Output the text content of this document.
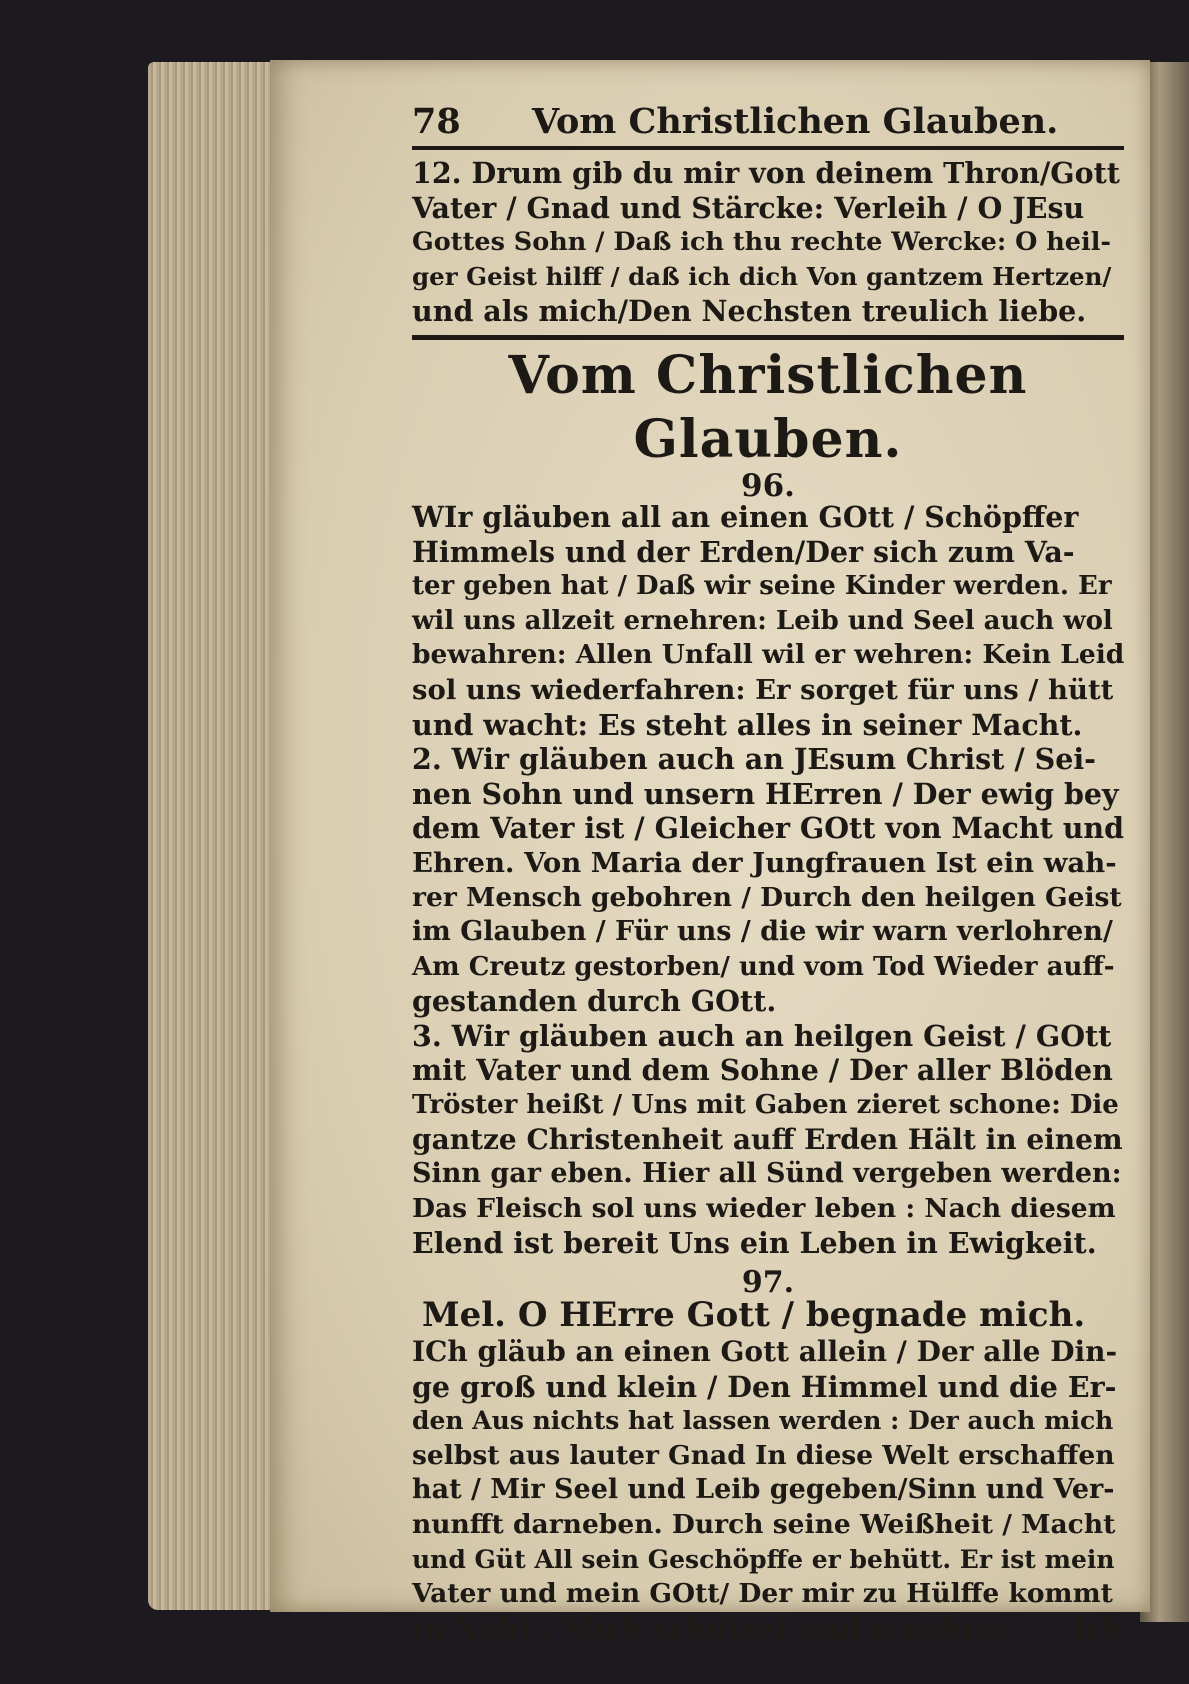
78	Vom Christlichen Glauben.
12. Drum gib du mir von deinem Thron/Gott
Vater / Gnad und Stärcke: Verleih / O JEsu
Gottes Sohn / Daß ich thu rechte Wercke: O heil-
ger Geist hilff / daß ich dich Von gantzem Hertzen/
und als mich/Den Nechsten treulich liebe.
Vom Christlichen Glauben.
96.
WIr gläuben all an einen GOtt / Schöpffer
Himmels und der Erden/Der sich zum Va-
ter geben hat / Daß wir seine Kinder werden. Er
wil uns allzeit ernehren: Leib und Seel auch wol
bewahren: Allen Unfall wil er wehren: Kein Leid
sol uns wiederfahren: Er sorget für uns / hütt
und wacht: Es steht alles in seiner Macht.
2. Wir gläuben auch an JEsum Christ / Sei-
nen Sohn und unsern HErren / Der ewig bey
dem Vater ist / Gleicher GOtt von Macht und
Ehren. Von Maria der Jungfrauen Ist ein wah-
rer Mensch gebohren / Durch den heilgen Geist
im Glauben / Für uns / die wir warn verlohren/
Am Creutz gestorben/ und vom Tod Wieder auff-
gestanden durch GOtt.
3. Wir gläuben auch an heilgen Geist / GOtt
mit Vater und dem Sohne / Der aller Blöden
Tröster heißt / Uns mit Gaben zieret schone: Die
gantze Christenheit auff Erden Hält in einem
Sinn gar eben. Hier all Sünd vergeben werden:
Das Fleisch sol uns wieder leben : Nach diesem
Elend ist bereit Uns ein Leben in Ewigkeit.
97.
Mel. O HErre Gott / begnade mich.
ICh gläub an einen Gott allein / Der alle Din-
ge groß und klein / Den Himmel und die Er-
den Aus nichts hat lassen werden : Der auch mich
selbst aus lauter Gnad In diese Welt erschaffen
hat / Mir Seel und Leib gegeben/Sinn und Ver-
nunfft darneben. Durch seine Weißheit / Macht
und Güt All sein Geschöpffe er behütt. Er ist mein
Vater und mein GOtt/ Der mir zu Hülffe kommt
in Noht / Mich schützet und ernähret.	Ich
